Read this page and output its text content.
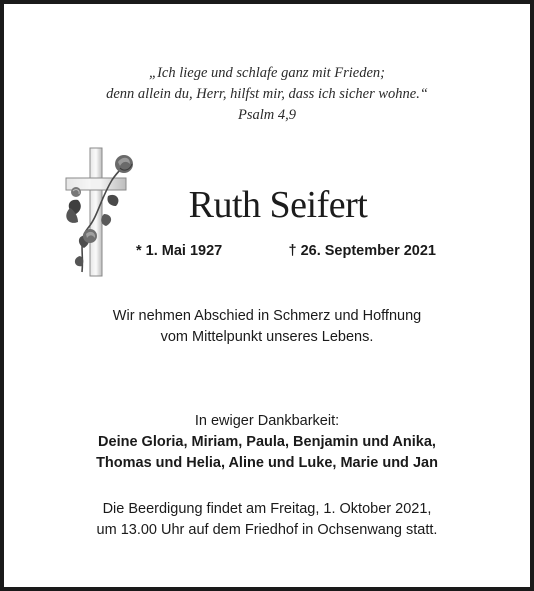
„Ich liege und schlafe ganz mit Frieden;
denn allein du, Herr, hilfst mir, dass ich sicher wohne.“
Psalm 4,9
Ruth Seifert
* 1. Mai 1927	† 26. September 2021
Wir nehmen Abschied in Schmerz und Hoffnung
vom Mittelpunkt unseres Lebens.
In ewiger Dankbarkeit:
Deine Gloria, Miriam, Paula, Benjamin und Anika,
Thomas und Helia, Aline und Luke, Marie und Jan
Die Beerdigung findet am Freitag, 1. Oktober 2021,
um 13.00 Uhr auf dem Friedhof in Ochsenwang statt.
